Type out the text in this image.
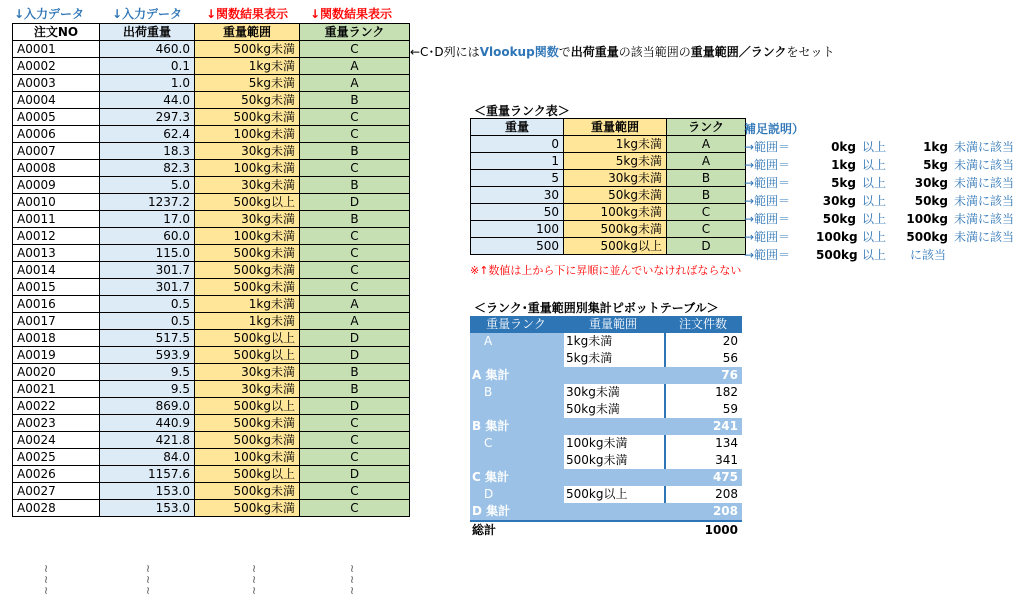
↓入力データ ↓入力データ ↓関数結果表示 ↓関数結果表示
注文NO	出荷重量	重量範囲	重量ランク
A0001	460.0	500kg未満	C
A0002	0.1	1kg未満	A
A0003	1.0	5kg未満	A
A0004	44.0	50kg未満	B
A0005	297.3	500kg未満	C
A0006	62.4	100kg未満	C
A0007	18.3	30kg未満	B
A0008	82.3	100kg未満	C
A0009	5.0	30kg未満	B
A0010	1237.2	500kg以上	D
A0011	17.0	30kg未満	B
A0012	60.0	100kg未満	C
A0013	115.0	500kg未満	C
A0014	301.7	500kg未満	C
A0015	301.7	500kg未満	C
A0016	0.5	1kg未満	A
A0017	0.5	1kg未満	A
A0018	517.5	500kg以上	D
A0019	593.9	500kg以上	D
A0020	9.5	30kg未満	B
A0021	9.5	30kg未満	B
A0022	869.0	500kg以上	D
A0023	440.9	500kg未満	C
A0024	421.8	500kg未満	C
A0025	84.0	100kg未満	C
A0026	1157.6	500kg以上	D
A0027	153.0	500kg未満	C
A0028	153.0	500kg未満	C
←C･D列にはVlookup関数で出荷重量の該当範囲の重量範囲／ランクをセット
≀
≀
≀
≀
≀
≀
≀
≀
≀
≀
≀
≀
＜重量ランク表＞
重量	重量範囲	ランク
0	1kg未満	A
1	5kg未満	A
5	30kg未満	B
30	50kg未満	B
50	100kg未満	C
100	500kg未満	C
500	500kg以上	D
※↑数値は上から下に昇順に並んでいなければならない
補足説明）
→範囲＝	0kg 以上	1kg 未満に該当
→範囲＝	1kg 以上	5kg 未満に該当
→範囲＝	5kg 以上	30kg 未満に該当
→範囲＝	30kg 以上	50kg 未満に該当
→範囲＝	50kg 以上	100kg 未満に該当
→範囲＝ 100kg 以上	500kg 未満に該当
→範囲＝ 500kg 以上 に該当
＜ランク･重量範囲別集計ピボットテーブル＞
重量ランク	重量範囲	注文件数
A	1kg未満	20
5kg未満	56
A 集計	76
B	30kg未満	182
50kg未満	59
B 集計	241
C	100kg未満	134
500kg未満	341
C 集計	475
D	500kg以上	208
D 集計	208
総計	1000
